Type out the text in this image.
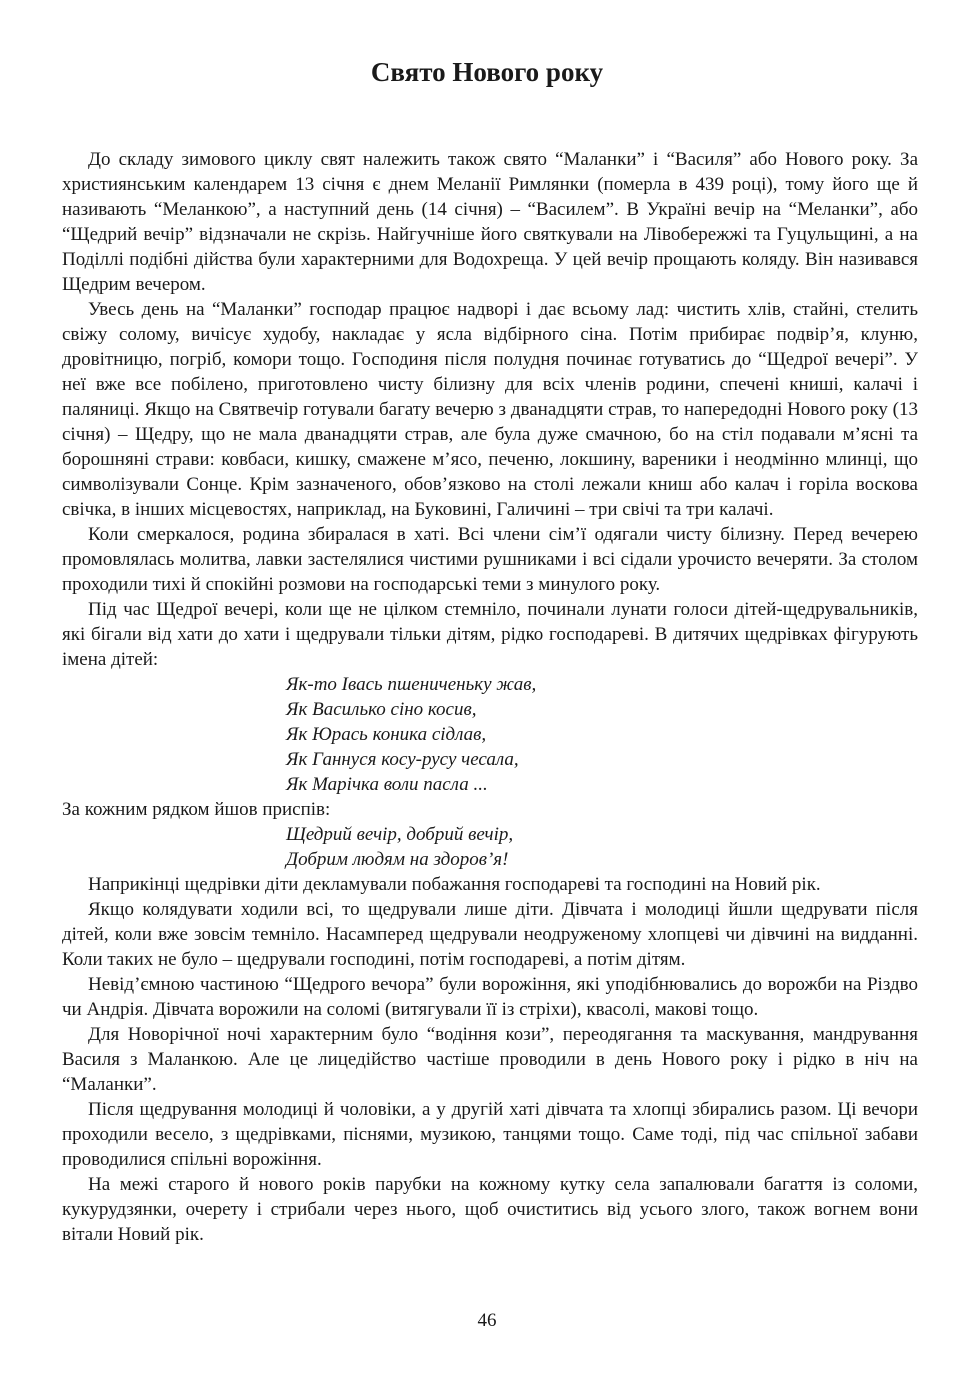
Свято Нового року

До складу зимового циклу свят належить також свято “Маланки” і “Василя” або Нового року. За християнським календарем 13 січня є днем Меланії Римлянки (померла в 439 році), тому його ще й називають “Меланкою”, а наступний день (14 січня) – “Василем”. В Україні вечір на “Меланки”, або “Щедрий вечір” відзначали не скрізь. Найгучніше його святкували на Лівобережжі та Гуцульщині, а на Поділлі подібні дійства були характерними для Водохреща. У цей вечір прощають коляду. Він називався Щедрим вечером.

Увесь день на “Маланки” господар працює надворі і дає всьому лад: чистить хлів, стайні, стелить свіжу солому, вичісує худобу, накладає у ясла відбірного сіна. Потім прибирає подвір’я, клуню, дровітницю, погріб, комори тощо. Господиня після полудня починає готуватись до “Щедрої вечері”. У неї вже все побілено, приготовлено чисту білизну для всіх членів родини, спечені книші, калачі і паляниці. Якщо на Святвечір готували багату вечерю з дванадцяти страв, то напередодні Нового року (13 січня) – Щедру, що не мала дванадцяти страв, але була дуже смачною, бо на стіл подавали м’ясні та борошняні страви: ковбаси, кишку, смажене м’ясо, печеню, локшину, вареники і неодмінно млинці, що символізували Сонце. Крім зазначеного, обов’язково на столі лежали книш або калач і горіла воскова свічка, в інших місцевостях, наприклад, на Буковині, Галичині – три свічі та три калачі.

Коли смеркалося, родина збиралася в хаті. Всі члени сім’ї одягали чисту білизну. Перед вечерею промовлялась молитва, лавки застелялися чистими рушниками і всі сідали урочисто вечеряти. За столом проходили тихі й спокійні розмови на господарські теми з минулого року.

Під час Щедрої вечері, коли ще не цілком стемніло, починали лунати голоси дітей-щедрувальників, які бігали від хати до хати і щедрували тільки дітям, рідко господареві. В дитячих щедрівках фігурують імена дітей:

Як-то Івась пшениченьку жав,
Як Василько сіно косив,
Як Юрась коника сідлав,
Як Ганнуся косу-русу чесала,
Як Марічка воли пасла ...

За кожним рядком йшов приспів:

Щедрий вечір, добрий вечір,
Добрим людям на здоров’я!

Наприкінці щедрівки діти декламували побажання господареві та господині на Новий рік.

Якщо колядувати ходили всі, то щедрували лише діти. Дівчата і молодиці йшли щедрувати після дітей, коли вже зовсім темніло. Насамперед щедрували неодруженому хлопцеві чи дівчині на видданні. Коли таких не було – щедрували господині, потім господареві, а потім дітям.

Невід’ємною частиною “Щедрого вечора” були ворожіння, які уподібнювались до ворожби на Різдво чи Андрія. Дівчата ворожили на соломі (витягували її із стріхи), квасолі, макові тощо.

Для Новорічної ночі характерним було “водіння кози”, переодягання та маскування, мандрування Василя з Маланкою. Але це лицедійство частіше проводили в день Нового року і рідко в ніч на “Маланки”.

Після щедрування молодиці й чоловіки, а у другій хаті дівчата та хлопці збирались разом. Ці вечори проходили весело, з щедрівками, піснями, музикою, танцями тощо. Саме тоді, під час спільної забави проводилися спільні ворожіння.

На межі старого й нового років парубки на кожному кутку села запалювали багаття із соломи, кукурудзянки, очерету і стрибали через нього, щоб очиститись від усього злого, також вогнем вони вітали Новий рік.

46
